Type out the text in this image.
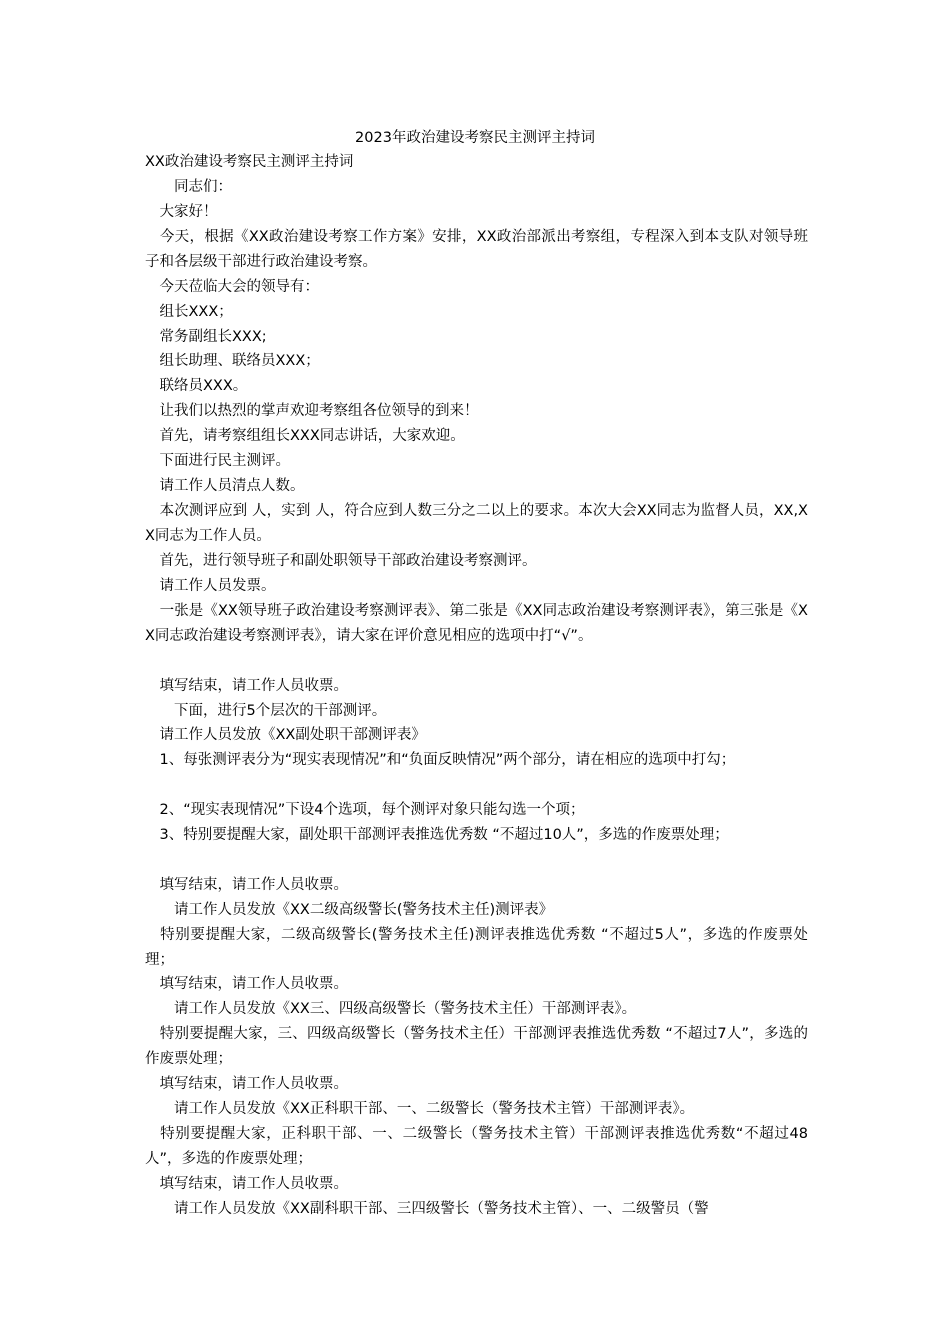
2023年政治建设考察民主测评主持词
XX政治建设考察民主测评主持词
　　同志们：
　大家好！
　今天，根据《XX政治建设考察工作方案》安排，XX政治部派出考察组，专程深入到本支队对领导班子和各层级干部进行政治建设考察。
　今天莅临大会的领导有：
　组长XXX；
　常务副组长XXX;
　组长助理、联络员XXX；
　联络员XXX。
　让我们以热烈的掌声欢迎考察组各位领导的到来！
　首先，请考察组组长XXX同志讲话，大家欢迎。
　下面进行民主测评。
　请工作人员清点人数。
　本次测评应到 人，实到 人，符合应到人数三分之二以上的要求。本次大会XX同志为监督人员，XX,XX同志为工作人员。
　首先，进行领导班子和副处职领导干部政治建设考察测评。
　请工作人员发票。
　一张是《XX领导班子政治建设考察测评表》、第二张是《XX同志政治建设考察测评表》，第三张是《XX同志政治建设考察测评表》，请大家在评价意见相应的选项中打“√”。
　填写结束，请工作人员收票。
　　下面，进行5个层次的干部测评。
　请工作人员发放《XX副处职干部测评表》
　1、每张测评表分为“现实表现情况”和“负面反映情况”两个部分，请在相应的选项中打勾；
　2、“现实表现情况”下设4个选项，每个测评对象只能勾选一个项；
　3、特别要提醒大家，副处职干部测评表推选优秀数 “不超过10人”，多选的作废票处理；
　填写结束，请工作人员收票。
　　请工作人员发放《XX二级高级警长(警务技术主任)测评表》
　特别要提醒大家，二级高级警长(警务技术主任)测评表推选优秀数 “不超过5人”，多选的作废票处理；
　填写结束，请工作人员收票。
　　请工作人员发放《XX三、四级高级警长（警务技术主任）干部测评表》。
　特别要提醒大家，三、四级高级警长（警务技术主任）干部测评表推选优秀数 “不超过7人”，多选的作废票处理；
　填写结束，请工作人员收票。
　　请工作人员发放《XX正科职干部、一、二级警长（警务技术主管）干部测评表》。
　特别要提醒大家，正科职干部、一、二级警长（警务技术主管）干部测评表推选优秀数“不超过48人”，多选的作废票处理；
　填写结束，请工作人员收票。
　　请工作人员发放《XX副科职干部、三四级警长（警务技术主管）、一、二级警员（警
